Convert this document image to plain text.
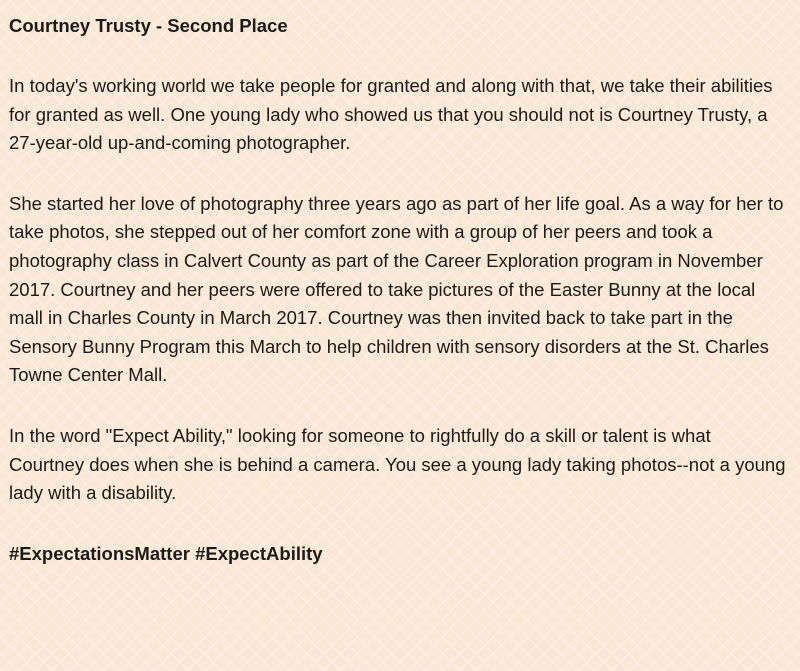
Courtney Trusty - Second Place

In today's working world we take people for granted and along with that, we take their abilities for granted as well. One young lady who showed us that you should not is Courtney Trusty, a 27-year-old up-and-coming photographer.

She started her love of photography three years ago as part of her life goal. As a way for her to take photos, she stepped out of her comfort zone with a group of her peers and took a photography class in Calvert County as part of the Career Exploration program in November 2017. Courtney and her peers were offered to take pictures of the Easter Bunny at the local mall in Charles County in March 2017. Courtney was then invited back to take part in the Sensory Bunny Program this March to help children with sensory disorders at the St. Charles Towne Center Mall.

In the word "Expect Ability," looking for someone to rightfully do a skill or talent is what Courtney does when she is behind a camera. You see a young lady taking photos--not a young lady with a disability.

#ExpectationsMatter #ExpectAbility
